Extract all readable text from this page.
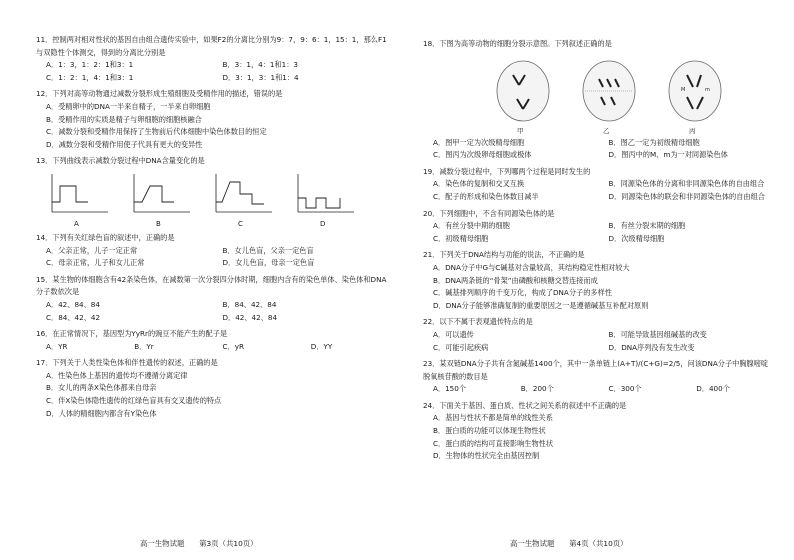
11．控制两对相对性状的基因自由组合遗传实验中，如果F2的分离比分别为9：7，9：6：1，15：1，那么F1与双隐性个体测交，得到的分离比分别是
A．1：3，1：2：1和3：1	B．3：1，4：1和1：3
C．1：2：1，4：1和3：1	D．3：1，3：1和1：4
12．下列对高等动物通过减数分裂形成生殖细胞及受精作用的描述，错误的是
A．受精卵中的DNA一半来自精子，一半来自卵细胞
B．受精作用的实质是精子与卵细胞的细胞核融合
C．减数分裂和受精作用保持了生物前后代体细胞中染色体数目的恒定
D．减数分裂和受精作用使子代具有更大的变异性
13．下列曲线表示减数分裂过程中DNA含量变化的是
A	B	C	D
14．下列有关红绿色盲的叙述中，正确的是
A．父亲正常，儿子一定正常	B．女儿色盲，父亲一定色盲
C．母亲正常，儿子和女儿正常	D．女儿色盲，母亲一定色盲
15．某生物的体细胞含有42条染色体，在减数第一次分裂四分体时期，细胞内含有的染色单体、染色体和DNA分子数依次是
A．42、84、84	B．84、42、84
C．84、42、42	D．42、42、84
16．在正常情况下，基因型为YyRr的豌豆不能产生的配子是
A．YR	B．Yr	C．yR	D．YY
17．下列关于人类性染色体和伴性遗传的叙述，正确的是
A．性染色体上基因的遗传均不遵循分离定律
B．女儿的两条X染色体都来自母亲
C．伴X染色体隐性遗传的红绿色盲具有交叉遗传的特点
D．人体的精细胞内都含有Y染色体
18．下图为高等动物的细胞分裂示意图。下列叙述正确的是
甲	乙
M	m
丙
A．图甲一定为次级精母细胞	B．图乙一定为初级精母细胞
C．图丙为次级卵母细胞或极体	D．图丙中的M、m为一对同源染色体
19．减数分裂过程中，下列哪两个过程是同时发生的
A．染色体的复制和交叉互换	B．同源染色体的分离和非同源染色体的自由组合
C．配子的形成和染色体数目减半	D．同源染色体的联会和非同源染色体的自由组合
20．下列细胞中，不含有同源染色体的是
A．有丝分裂中期的细胞	B．有丝分裂末期的细胞
C．初级精母细胞	D．次级精母细胞
21．下列关于DNA结构与功能的说法，不正确的是
A．DNA分子中G与C碱基对含量较高，其结构稳定性相对较大
B．DNA两条链的“骨架”由磷酸和核糖交替连接而成
C．碱基排列顺序的千变万化，构成了DNA分子的多样性
D．DNA分子能够准确复制的重要原因之一是遵循碱基互补配对原则
22．以下不属于表观遗传特点的是
A．可以遗传	B．可能导致基因组碱基的改变
C．可能引起疾病	D．DNA序列没有发生改变
23．某双链DNA分子共有含氮碱基1400个，其中一条单链上(A+T)/(C+G)=2/5，问该DNA分子中胸腺嘧啶脱氧核苷酸的数目是
A．150个	B．200个	C．300个	D．400个
24．下面关于基因、蛋白质、性状之间关系的叙述中不正确的是
A．基因与性状不都是简单的线性关系
B．蛋白质的功能可以体现生物性状
C．蛋白质的结构可直接影响生物性状
D．生物体的性状完全由基因控制
高一生物试题　　第3页（共10页）	高一生物试题　　第4页（共10页）
